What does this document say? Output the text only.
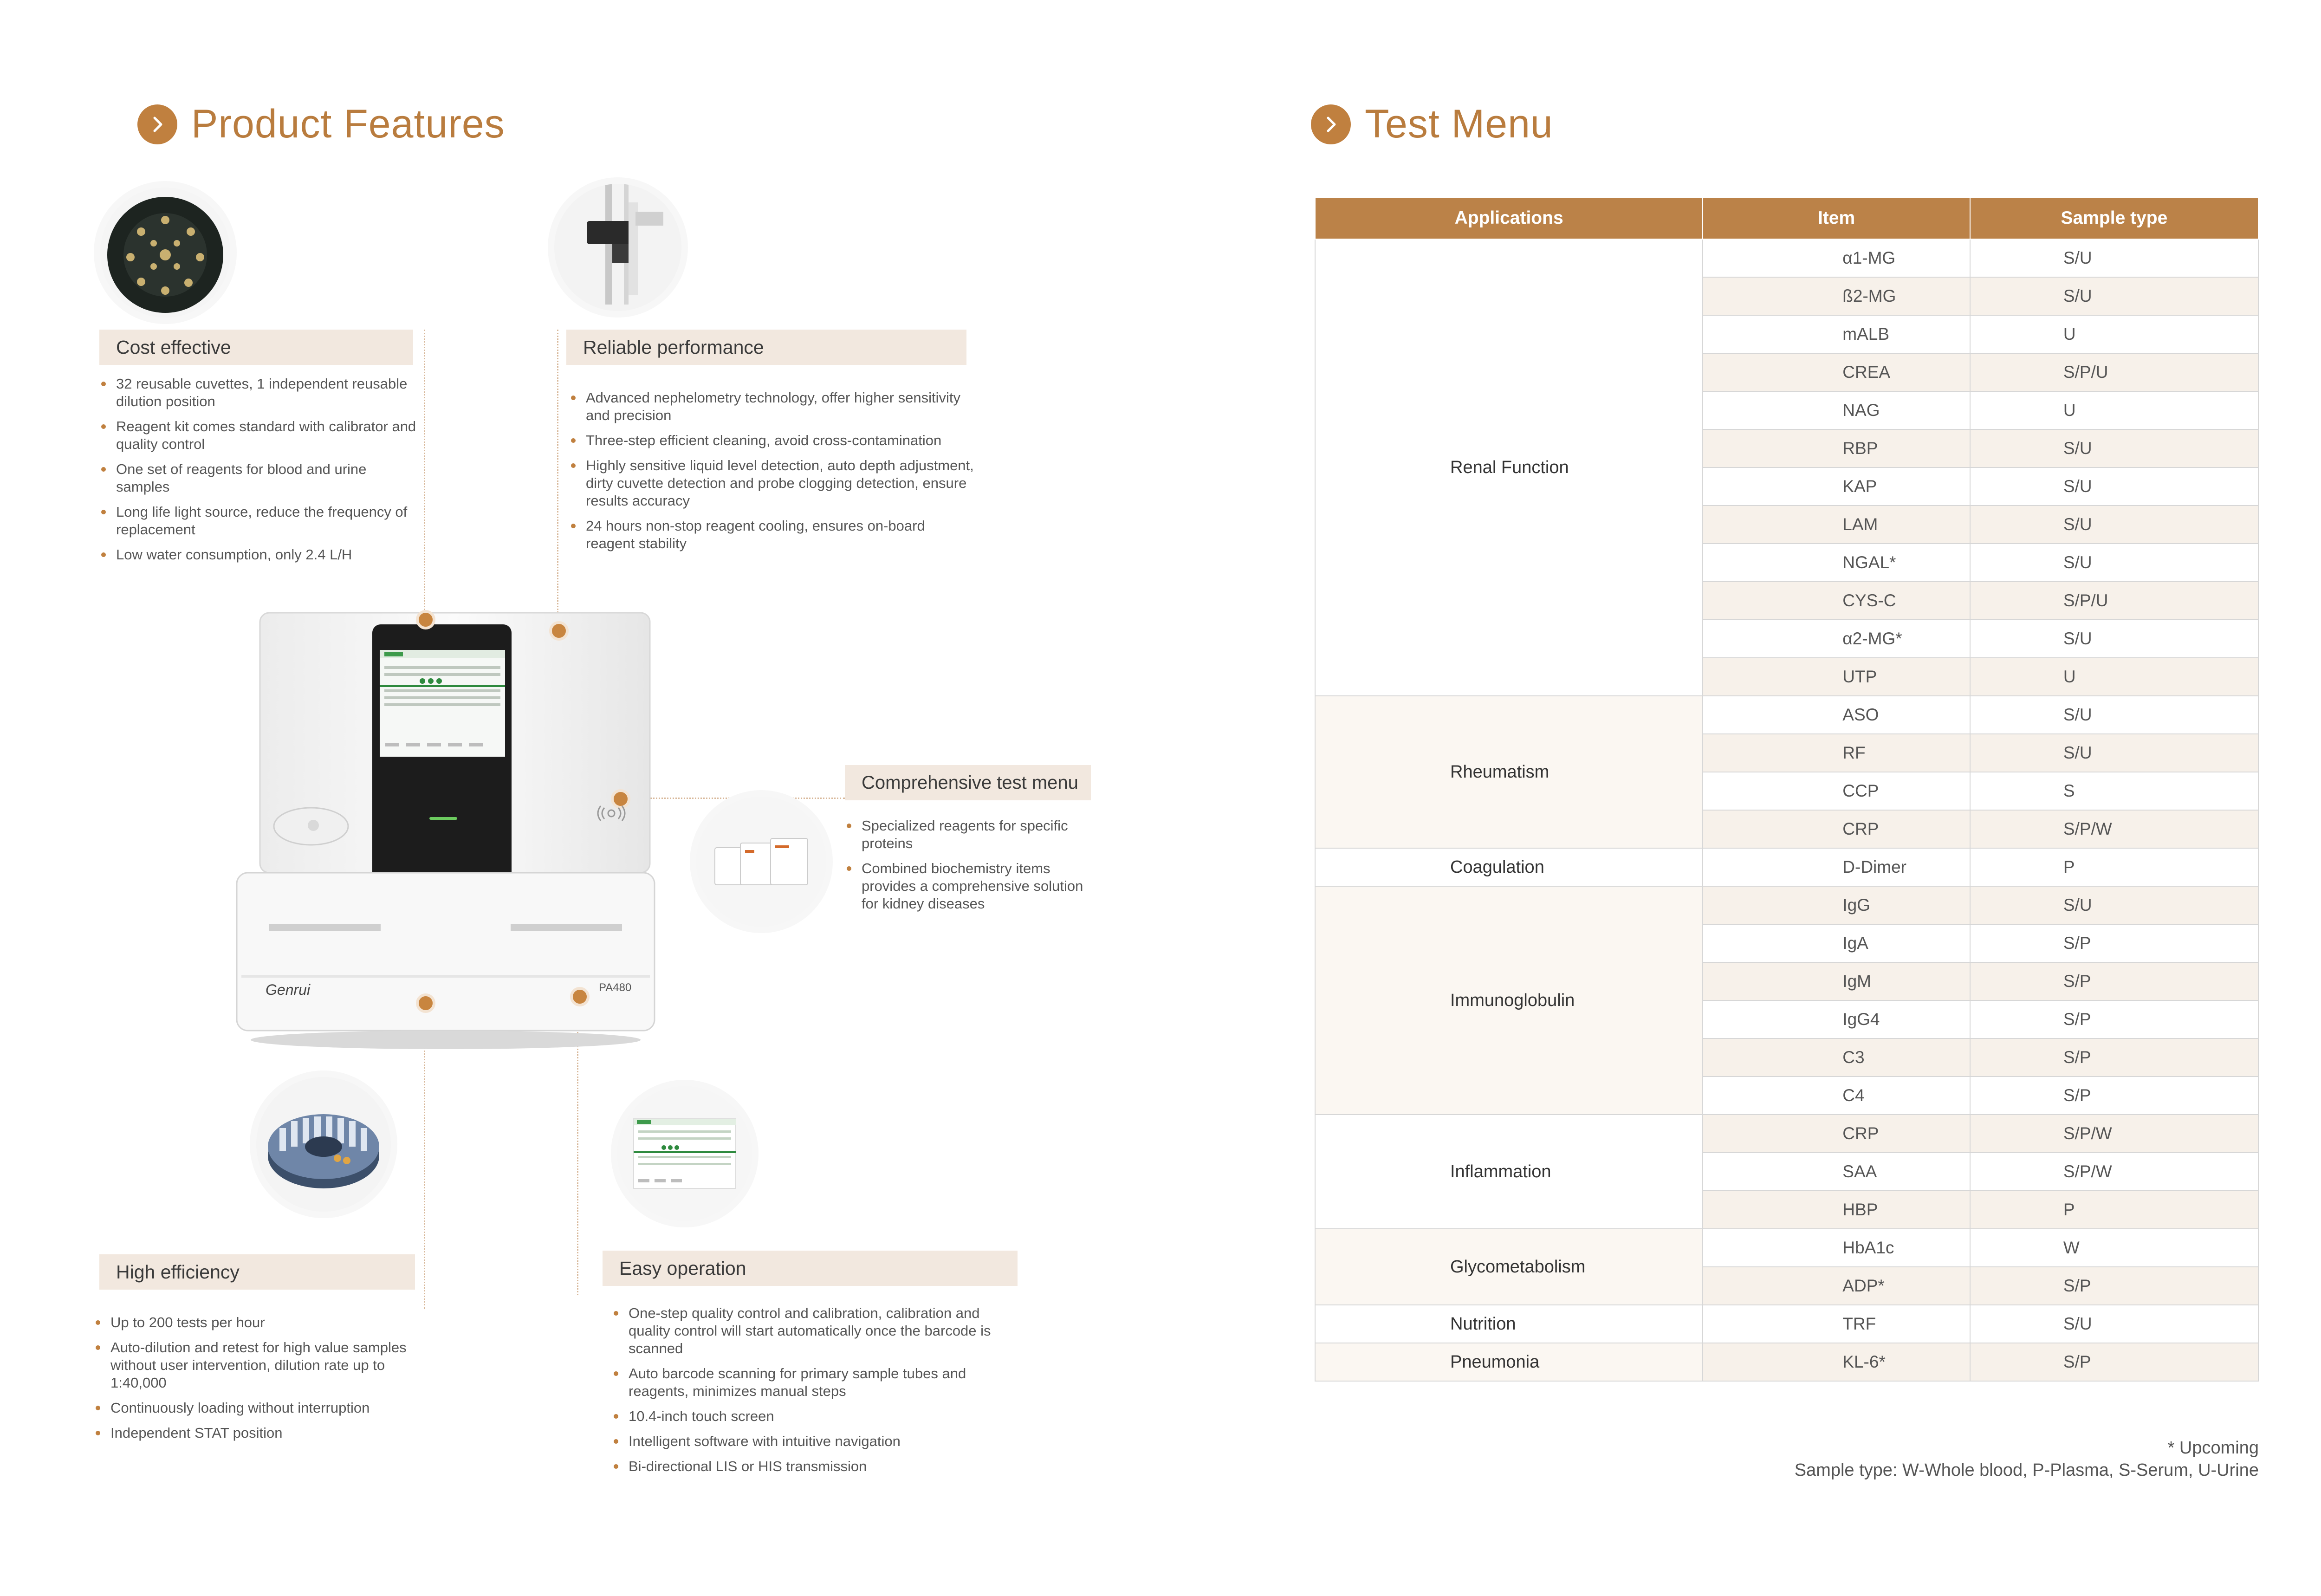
Product Features
Cost effective
32 reusable cuvettes, 1 independent reusable dilution position
Reagent kit comes standard with calibrator and quality control
One set of reagents for blood and urine samples
Long life light source, reduce the frequency of replacement
Low water consumption, only 2.4 L/H
Reliable performance
Advanced nephelometry technology, offer higher sensitivity and precision
Three-step efficient cleaning, avoid cross-contamination
Highly sensitive liquid level detection, auto depth adjustment, dirty cuvette detection and probe clogging detection, ensure results accuracy
24 hours non-stop reagent cooling, ensures on-board reagent stability
Genrui	PA480
Comprehensive test menu
Specialized reagents for specific proteins
Combined biochemistry items provides a comprehensive solution for kidney diseases
High efficiency
Up to 200 tests per hour
Auto-dilution and retest for high value samples without user intervention, dilution rate up to 1:40,000
Continuously loading without interruption
Independent STAT position
Easy operation
One-step quality control and calibration, calibration and quality control will start automatically once the barcode is scanned
Auto barcode scanning for primary sample tubes and reagents, minimizes manual steps
10.4-inch touch screen
Intelligent software with intuitive navigation
Bi-directional LIS or HIS transmission
Test Menu
Applications	Item	Sample type
Renal Function	α1-MG	S/U
	ß2-MG	S/U
	mALB	U
	CREA	S/P/U
	NAG	U
	RBP	S/U
	KAP	S/U
	LAM	S/U
	NGAL*	S/U
	CYS-C	S/P/U
	α2-MG*	S/U
	UTP	U
Rheumatism	ASO	S/U
	RF	S/U
	CCP	S
	CRP	S/P/W
Coagulation	D-Dimer	P
Immunoglobulin	IgG	S/U
	IgA	S/P
	IgM	S/P
	IgG4	S/P
	C3	S/P
	C4	S/P
Inflammation	CRP	S/P/W
	SAA	S/P/W
	HBP	P
Glycometabolism	HbA1c	W
	ADP*	S/P
Nutrition	TRF	S/U
Pneumonia	KL-6*	S/P
* Upcoming
Sample type: W-Whole blood, P-Plasma, S-Serum, U-Urine
